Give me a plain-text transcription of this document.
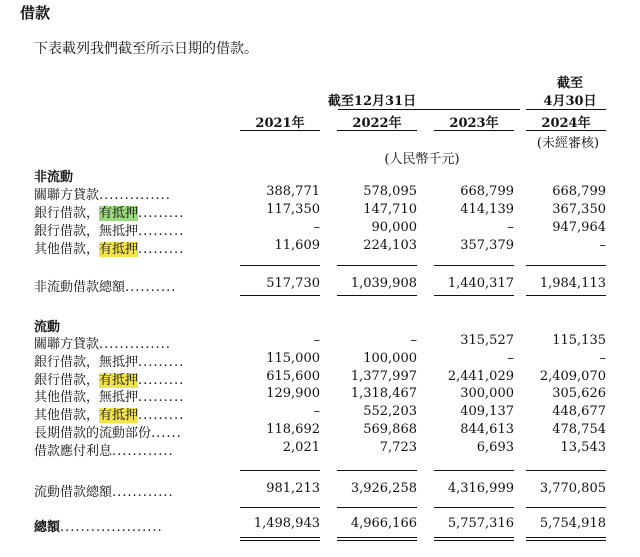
借款
下表載列我們截至所示日期的借款。
截至12月31日
截至
4月30日
2021年	2022年	2023年	2024年
(未經審核)
(人民幣千元)
非流動
關聯方貸款..............	388,771	578,095	668,799	668,799
銀行借款，有抵押.........	117,350	147,710	414,139	367,350
銀行借款，無抵押.........	–	90,000	–	947,964
其他借款，有抵押.........	11,609	224,103	357,379	–
非流動借款總額..........	517,730	1,039,908	1,440,317	1,984,113
流動
關聯方貸款..............	–	–	315,527	115,135
銀行借款，無抵押.........	115,000	100,000	–	–
銀行借款，有抵押.........	615,600	1,377,997	2,441,029	2,409,070
其他借款，無抵押.........	129,900	1,318,467	300,000	305,626
其他借款，有抵押.........	–	552,203	409,137	448,677
長期借款的流動部份......	118,692	569,868	844,613	478,754
借款應付利息............	2,021	7,723	6,693	13,543
流動借款總額............	981,213	3,926,258	4,316,999	3,770,805
總額....................	1,498,943	4,966,166	5,757,316	5,754,918
